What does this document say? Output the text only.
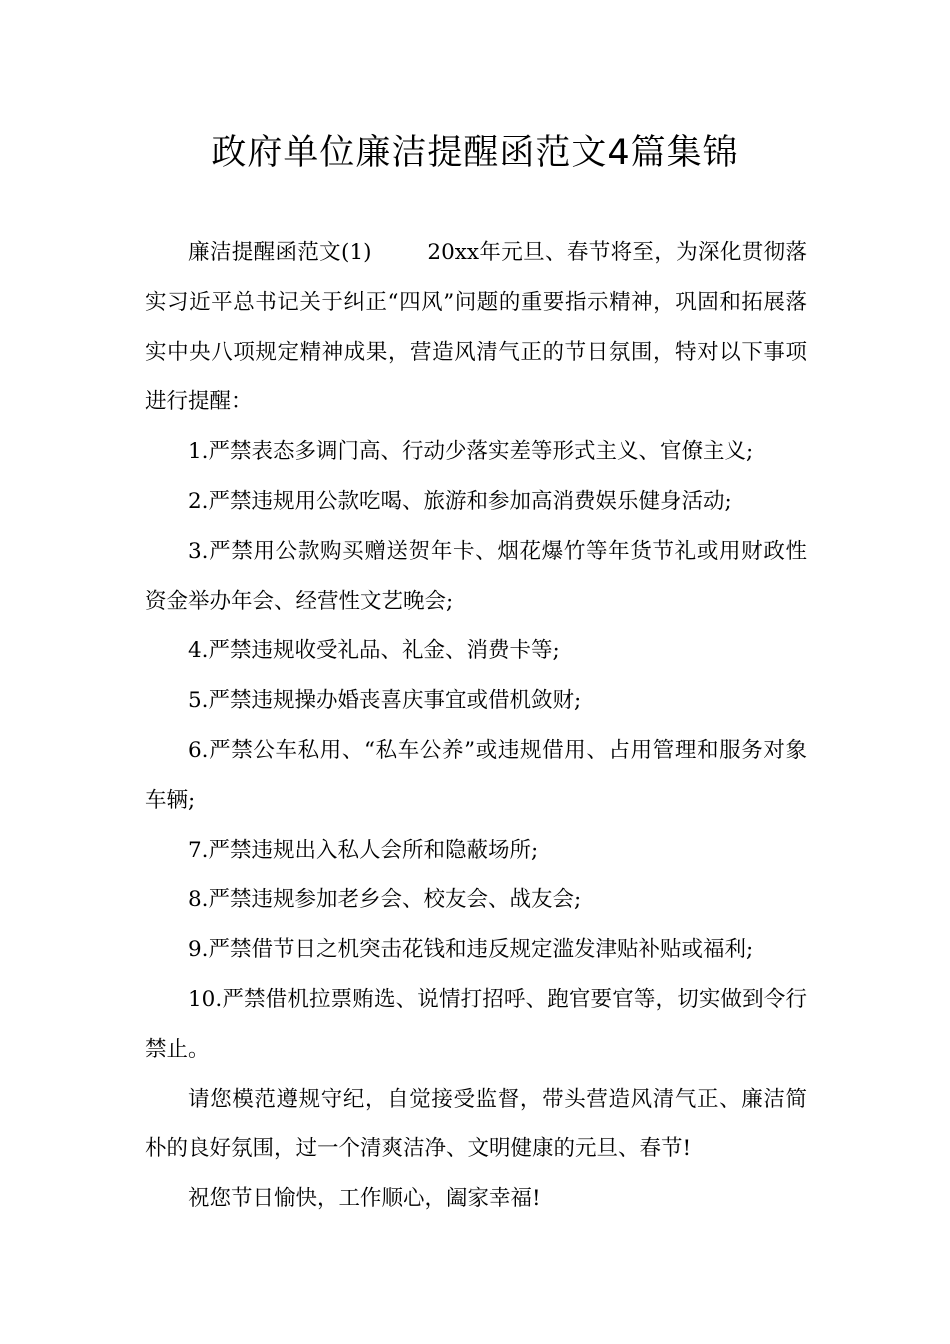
政府单位廉洁提醒函范文4篇集锦

廉洁提醒函范文(1)	20xx年元旦、春节将至，为深化贯彻落实习近平总书记关于纠正“四风”问题的重要指示精神，巩固和拓展落实中央八项规定精神成果，营造风清气正的节日氛围，特对以下事项进行提醒：

1.严禁表态多调门高、行动少落实差等形式主义、官僚主义;

2.严禁违规用公款吃喝、旅游和参加高消费娱乐健身活动;

3.严禁用公款购买赠送贺年卡、烟花爆竹等年货节礼或用财政性资金举办年会、经营性文艺晚会;

4.严禁违规收受礼品、礼金、消费卡等;

5.严禁违规操办婚丧喜庆事宜或借机敛财;

6.严禁公车私用、“私车公养”或违规借用、占用管理和服务对象车辆;

7.严禁违规出入私人会所和隐蔽场所;

8.严禁违规参加老乡会、校友会、战友会;

9.严禁借节日之机突击花钱和违反规定滥发津贴补贴或福利;

10.严禁借机拉票贿选、说情打招呼、跑官要官等，切实做到令行禁止。

请您模范遵规守纪，自觉接受监督，带头营造风清气正、廉洁简朴的良好氛围，过一个清爽洁净、文明健康的元旦、春节!

祝您节日愉快，工作顺心，阖家幸福!
